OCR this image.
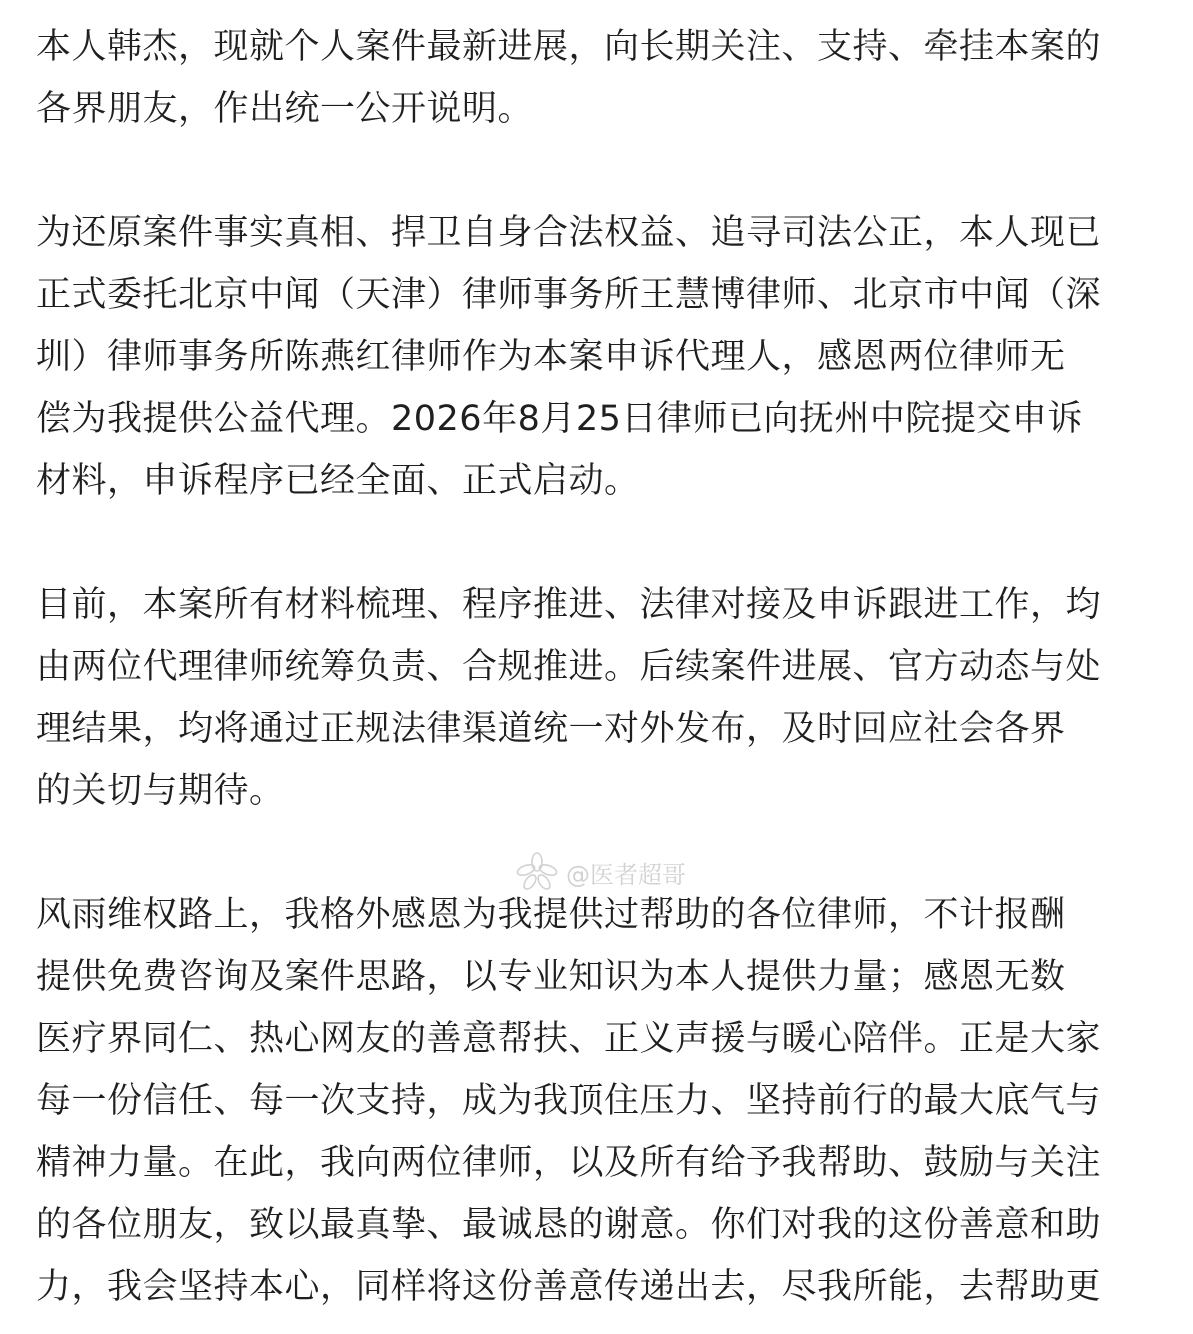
本人韩杰，现就个人案件最新进展，向长期关注、支持、牵挂本案的
各界朋友，作出统一公开说明。

为还原案件事实真相、捍卫自身合法权益、追寻司法公正，本人现已
正式委托北京中闻（天津）律师事务所王慧博律师、北京市中闻（深
圳）律师事务所陈燕红律师作为本案申诉代理人，感恩两位律师无
偿为我提供公益代理。2026年8月25日律师已向抚州中院提交申诉
材料，申诉程序已经全面、正式启动。

目前，本案所有材料梳理、程序推进、法律对接及申诉跟进工作，均
由两位代理律师统筹负责、合规推进。后续案件进展、官方动态与处
理结果，均将通过正规法律渠道统一对外发布，及时回应社会各界
的关切与期待。

@医者超哥

风雨维权路上，我格外感恩为我提供过帮助的各位律师，不计报酬
提供免费咨询及案件思路，以专业知识为本人提供力量；感恩无数
医疗界同仁、热心网友的善意帮扶、正义声援与暖心陪伴。正是大家
每一份信任、每一次支持，成为我顶住压力、坚持前行的最大底气与
精神力量。在此，我向两位律师，以及所有给予我帮助、鼓励与关注
的各位朋友，致以最真挚、最诚恳的谢意。你们对我的这份善意和助
力，我会坚持本心，同样将这份善意传递出去，尽我所能，去帮助更
